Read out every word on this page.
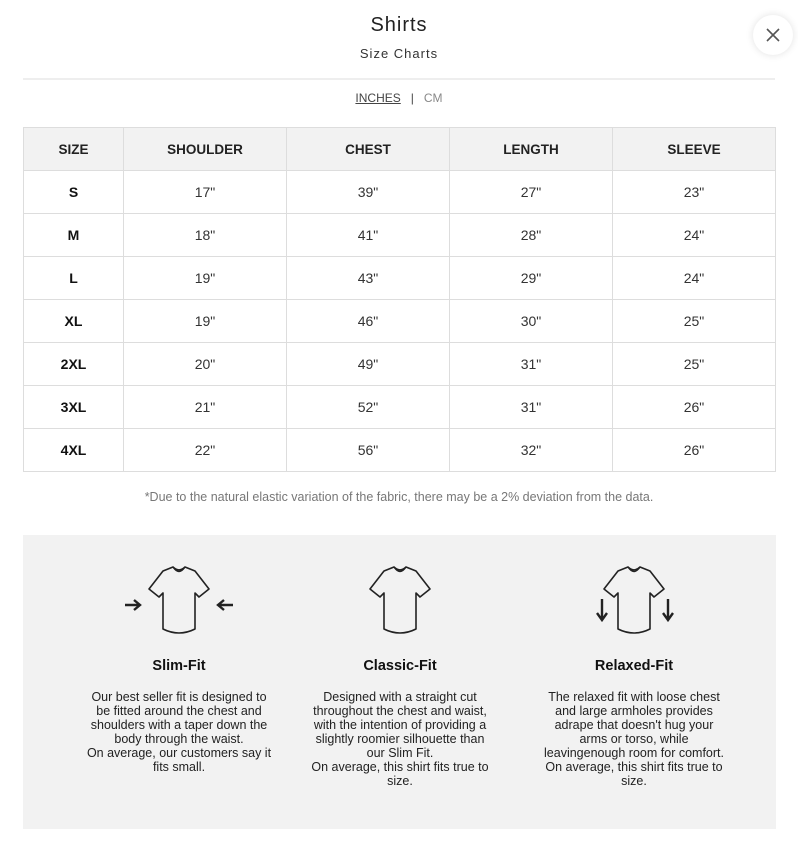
Shirts
Size Charts
INCHES | CM
SIZE	SHOULDER	CHEST	LENGTH	SLEEVE
S	17"	39"	27"	23"
M	18"	41"	28"	24"
L	19"	43"	29"	24"
XL	19"	46"	30"	25"
2XL	20"	49"	31"	25"
3XL	21"	52"	31"	26"
4XL	22"	56"	32"	26"
*Due to the natural elastic variation of the fabric, there may be a 2% deviation from the data.
Slim-Fit

Our best seller fit is designed to be fitted around the chest and shoulders with a taper down the body through the waist.
On average, our customers say it fits small.

Classic-Fit

Designed with a straight cut throughout the chest and waist, with the intention of providing a slightly roomier silhouette than our Slim Fit.
On average, this shirt fits true to size.

Relaxed-Fit

The relaxed fit with loose chest and large armholes provides adrape that doesn't hug your arms or torso, while leavingenough room for comfort.
On average, this shirt fits true to size.
